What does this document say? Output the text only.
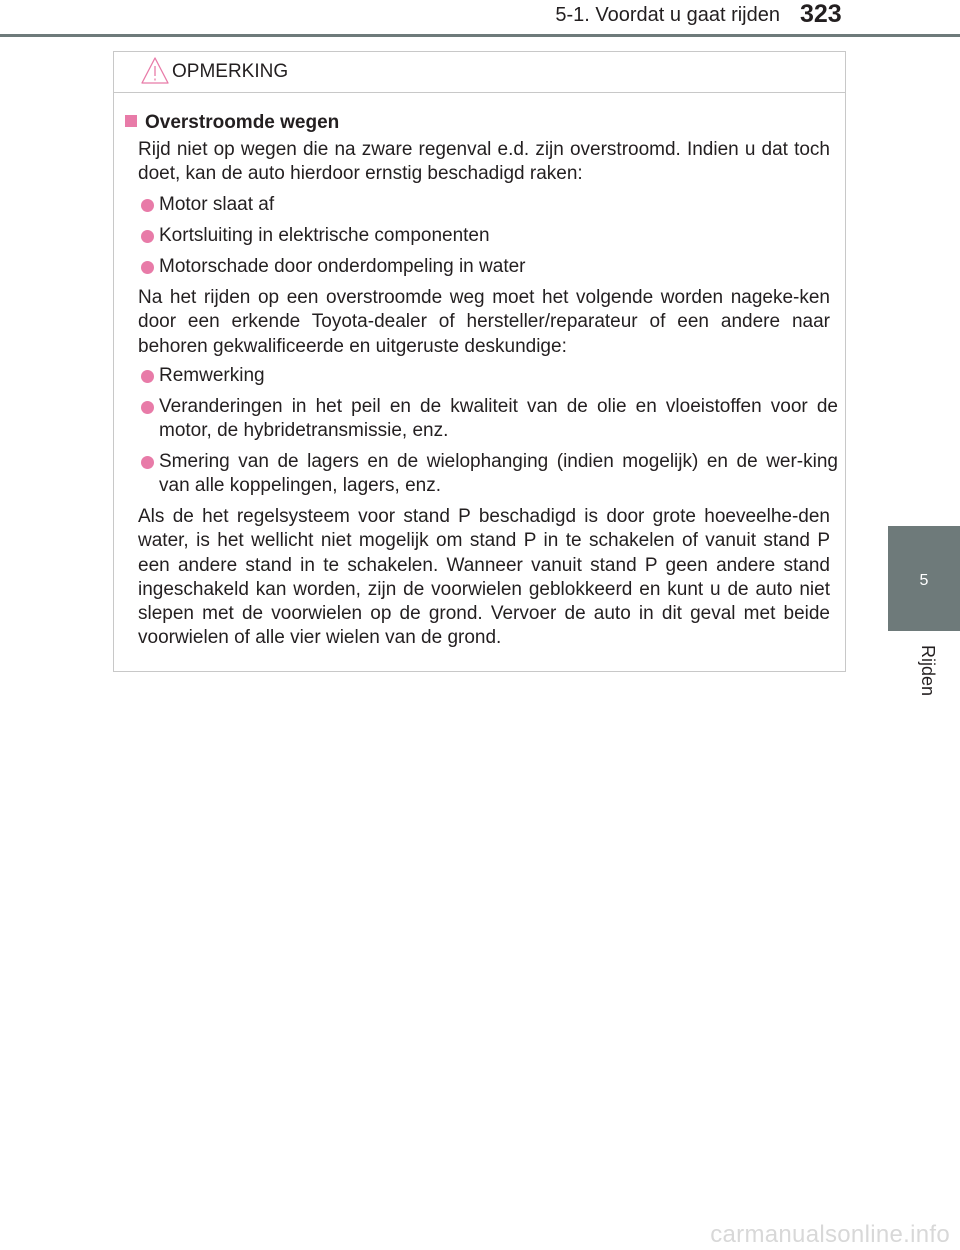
5-1. Voordat u gaat rijden 323
5
Rijden
OPMERKING
Overstroomde wegen

Rijd niet op wegen die na zware regenval e.d. zijn overstroomd. Indien u dat toch doet, kan de auto hierdoor ernstig beschadigd raken:

Motor slaat af
Kortsluiting in elektrische componenten
Motorschade door onderdompeling in water

Na het rijden op een overstroomde weg moet het volgende worden nageke-ken door een erkende Toyota-dealer of hersteller/reparateur of een andere naar behoren gekwalificeerde en uitgeruste deskundige:

Remwerking
Veranderingen in het peil en de kwaliteit van de olie en vloeistoffen voor de motor, de hybridetransmissie, enz.
Smering van de lagers en de wielophanging (indien mogelijk) en de wer-king van alle koppelingen, lagers, enz.

Als de het regelsysteem voor stand P beschadigd is door grote hoeveelhe-den water, is het wellicht niet mogelijk om stand P in te schakelen of vanuit stand P een andere stand in te schakelen. Wanneer vanuit stand P geen andere stand ingeschakeld kan worden, zijn de voorwielen geblokkeerd en kunt u de auto niet slepen met de voorwielen op de grond. Vervoer de auto in dit geval met beide voorwielen of alle vier wielen van de grond.

carmanualsonline.info
